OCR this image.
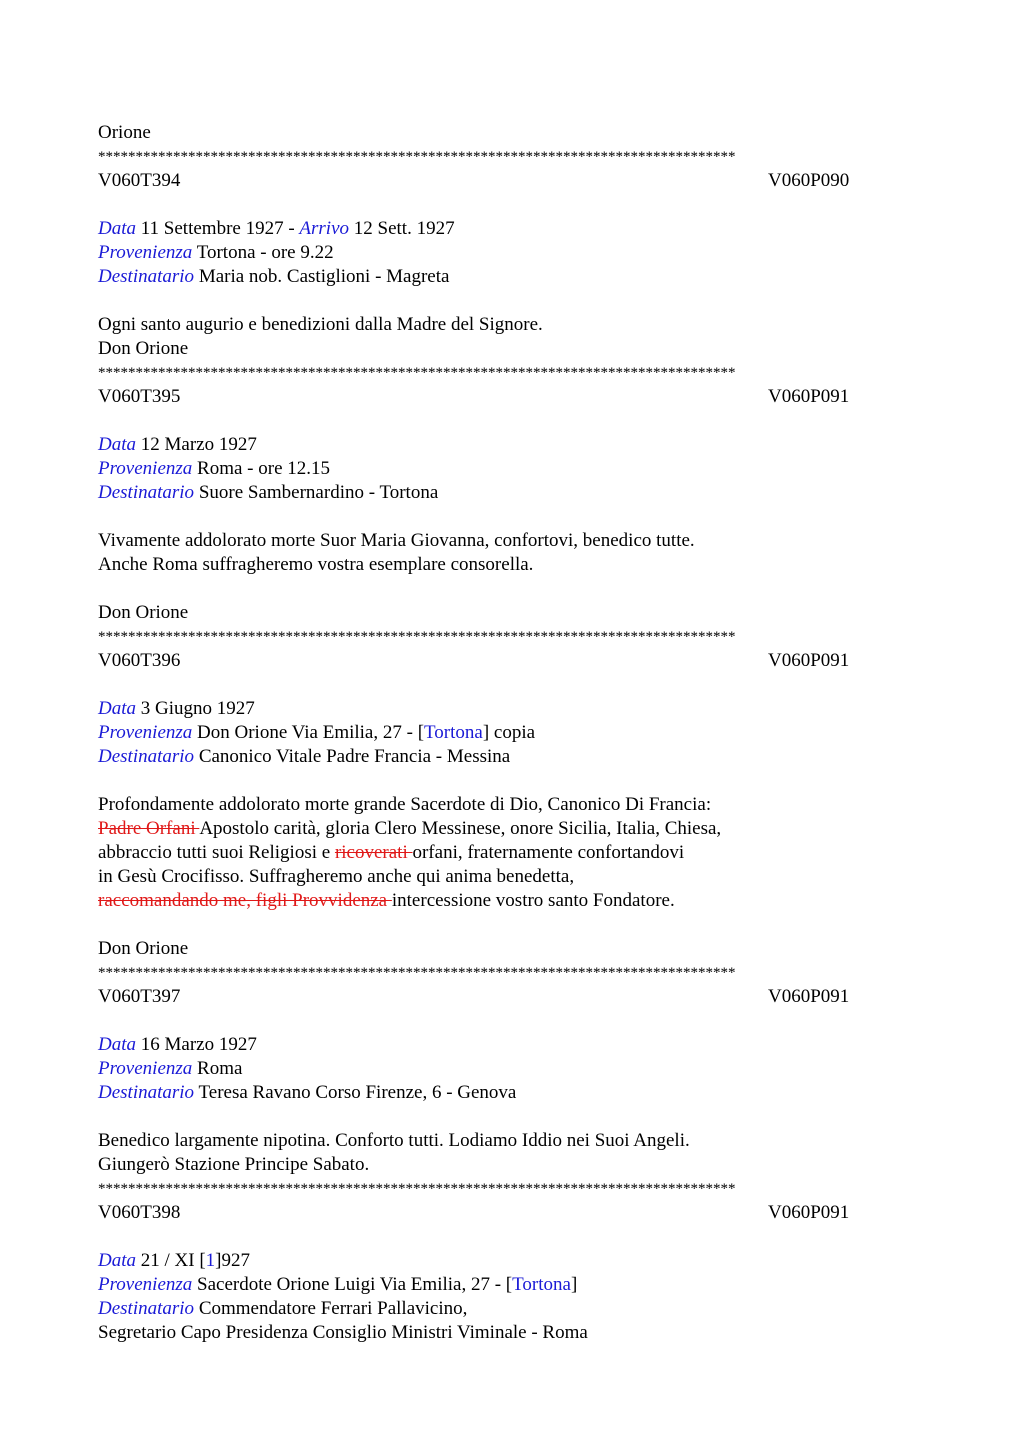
Orione
*************************************************************************************
V060T394	V060P090
Data 11 Settembre 1927 - Arrivo 12 Sett. 1927
Provenienza Tortona - ore 9.22
Destinatario Maria nob. Castiglioni - Magreta
Ogni santo augurio e benedizioni dalla Madre del Signore.
Don Orione
*************************************************************************************
V060T395	V060P091
Data 12 Marzo 1927
Provenienza Roma - ore 12.15
Destinatario Suore Sambernardino - Tortona
Vivamente addolorato morte Suor Maria Giovanna, confortovi, benedico tutte.
Anche Roma suffragheremo vostra esemplare consorella.
Don Orione
*************************************************************************************
V060T396	V060P091
Data 3 Giugno 1927
Provenienza Don Orione Via Emilia, 27 - [Tortona] copia
Destinatario Canonico Vitale Padre Francia - Messina
Profondamente addolorato morte grande Sacerdote di Dio, Canonico Di Francia:
Padre Orfani Apostolo carità, gloria Clero Messinese, onore Sicilia, Italia, Chiesa,
abbraccio tutti suoi Religiosi e ricoverati orfani, fraternamente confortandovi
in Gesù Crocifisso. Suffragheremo anche qui anima benedetta,
raccomandando me, figli Provvidenza intercessione vostro santo Fondatore.
Don Orione
*************************************************************************************
V060T397	V060P091
Data 16 Marzo 1927
Provenienza Roma
Destinatario Teresa Ravano Corso Firenze, 6 - Genova
Benedico largamente nipotina. Conforto tutti. Lodiamo Iddio nei Suoi Angeli.
Giungerò Stazione Principe Sabato.
*************************************************************************************
V060T398	V060P091
Data 21 / XI [1]927
Provenienza Sacerdote Orione Luigi Via Emilia, 27 - [Tortona]
Destinatario Commendatore Ferrari Pallavicino,
Segretario Capo Presidenza Consiglio Ministri Viminale - Roma
